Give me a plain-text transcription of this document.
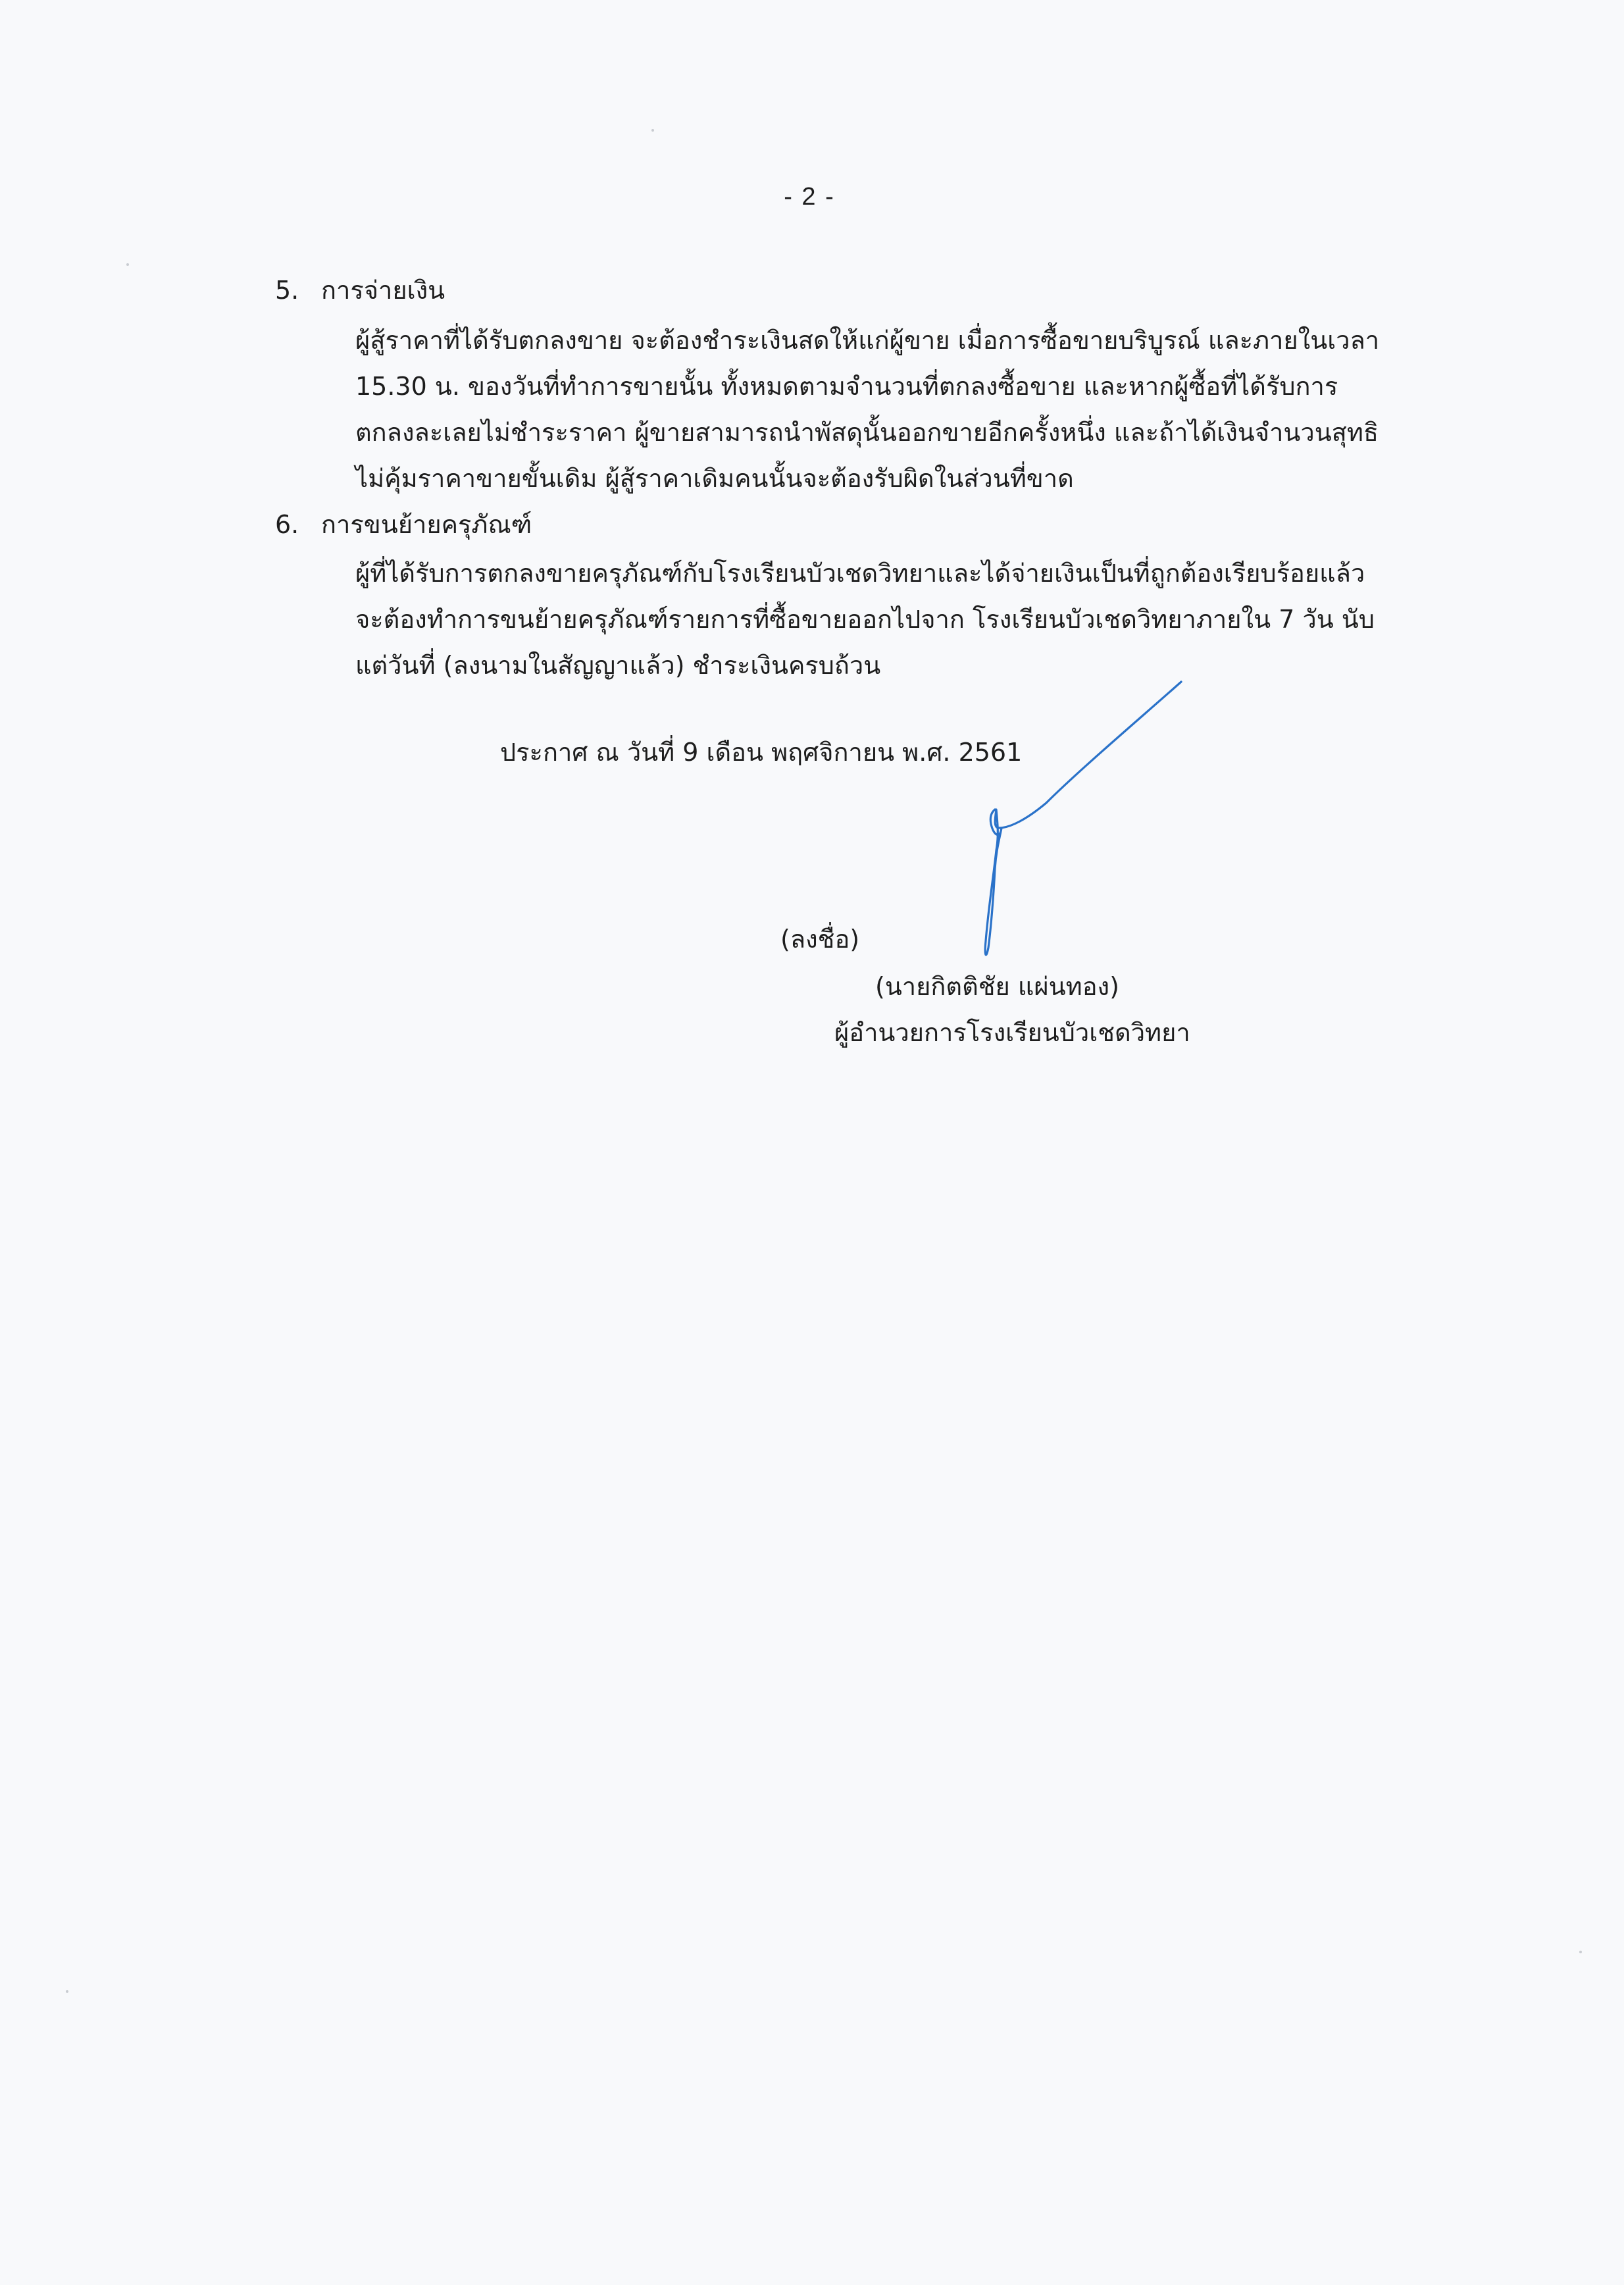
- 2 -
5. การจ่ายเงิน
ผู้สู้ราคาที่ได้รับตกลงขาย จะต้องชำระเงินสดให้แก่ผู้ขาย เมื่อการซื้อขายบริบูรณ์ และภายในเวลา
15.30 น. ของวันที่ทำการขายนั้น ทั้งหมดตามจำนวนที่ตกลงซื้อขาย และหากผู้ซื้อที่ได้รับการ
ตกลงละเลยไม่ชำระราคา ผู้ขายสามารถนำพัสดุนั้นออกขายอีกครั้งหนึ่ง และถ้าได้เงินจำนวนสุทธิ
ไม่คุ้มราคาขายขั้นเดิม ผู้สู้ราคาเดิมคนนั้นจะต้องรับผิดในส่วนที่ขาด
6. การขนย้ายครุภัณฑ์
ผู้ที่ได้รับการตกลงขายครุภัณฑ์กับโรงเรียนบัวเชดวิทยาและได้จ่ายเงินเป็นที่ถูกต้องเรียบร้อยแล้ว
จะต้องทำการขนย้ายครุภัณฑ์รายการที่ซื้อขายออกไปจาก โรงเรียนบัวเชดวิทยาภายใน 7 วัน นับ
แต่วันที่ (ลงนามในสัญญาแล้ว) ชำระเงินครบถ้วน
ประกาศ ณ วันที่ 9 เดือน พฤศจิกายน พ.ศ. 2561
(ลงชื่อ)
(นายกิตติชัย แผ่นทอง)
ผู้อำนวยการโรงเรียนบัวเชดวิทยา
